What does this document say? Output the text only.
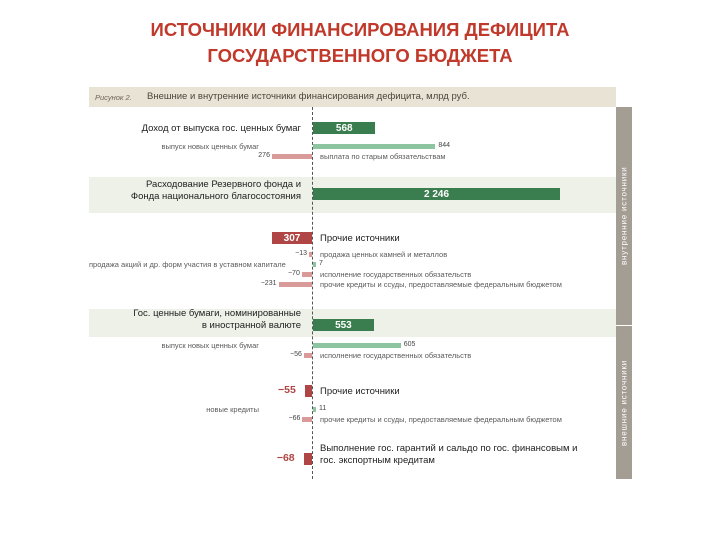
ИСТОЧНИКИ ФИНАНСИРОВАНИЯ ДЕФИЦИТА
ГОСУДАРСТВЕННОГО БЮДЖЕТА
Рисунок 2. Внешние и внутренние источники финансирования дефицита, млрд руб.
внутренние источники
внешние источники
Доход от выпуска гос. ценных бумаг	568
844
выпуск новых ценных бумаг
276	выплата по старым обязательствам
Расходование Резервного фонда и
Фонда национального благосостояния	2 246
307	Прочие источники
−13 продажа ценных камней и металлов
7
продажа акций и др. форм участия в уставном капитале
−70	исполнение государственных обязательств
−231	прочие кредиты и ссуды, предоставляемые федеральным бюджетом
Гос. ценные бумаги, номинированные
в иностранной валюте	553
605
выпуск новых ценных бумаг
−56 исполнение государственных обязательств
−55	Прочие источники
11
новые кредиты
−66	прочие кредиты и ссуды, предоставляемые федеральным бюджетом
Выполнение гос. гарантий и сальдо по гос. финансовым и
гос. экспортным кредитам
−68
